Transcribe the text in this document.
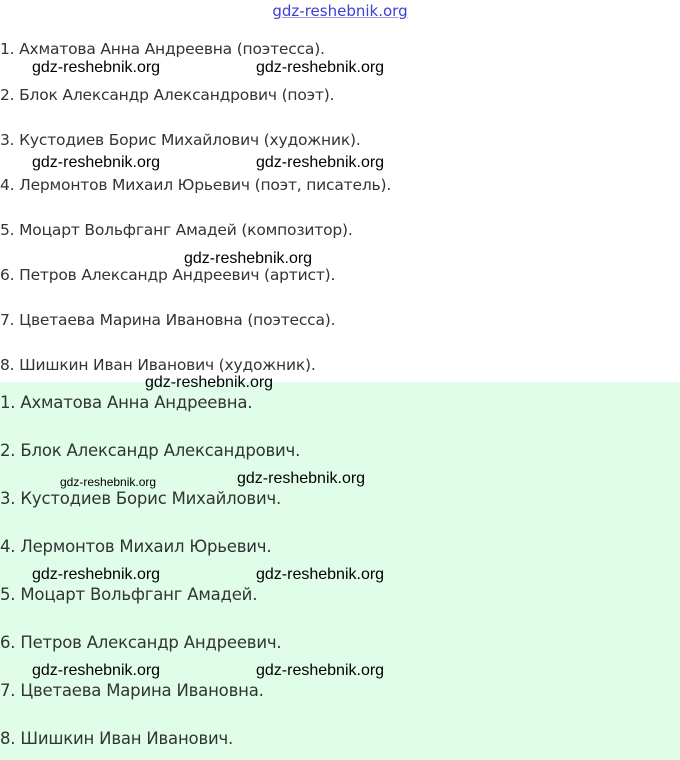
gdz-reshebnik.org
1. Ахматова Анна Андреевна (поэтесса).
2. Блок Александр Александрович (поэт).
3. Кустодиев Борис Михайлович (художник).
4. Лермонтов Михаил Юрьевич (поэт, писатель).
5. Моцарт Вольфганг Амадей (композитор).
6. Петров Александр Андреевич (артист).
7. Цветаева Марина Ивановна (поэтесса).
8. Шишкин Иван Иванович (художник).
1. Ахматова Анна Андреевна.
2. Блок Александр Александрович.
3. Кустодиев Борис Михайлович.
4. Лермонтов Михаил Юрьевич.
5. Моцарт Вольфганг Амадей.
6. Петров Александр Андреевич.
7. Цветаева Марина Ивановна.
8. Шишкин Иван Иванович.
gdz-reshebnik.org	gdz-reshebnik.org
gdz-reshebnik.org	gdz-reshebnik.org
gdz-reshebnik.org
gdz-reshebnik.org
gdz-reshebnik.org	gdz-reshebnik.org
gdz-reshebnik.org	gdz-reshebnik.org
gdz-reshebnik.org	gdz-reshebnik.org
